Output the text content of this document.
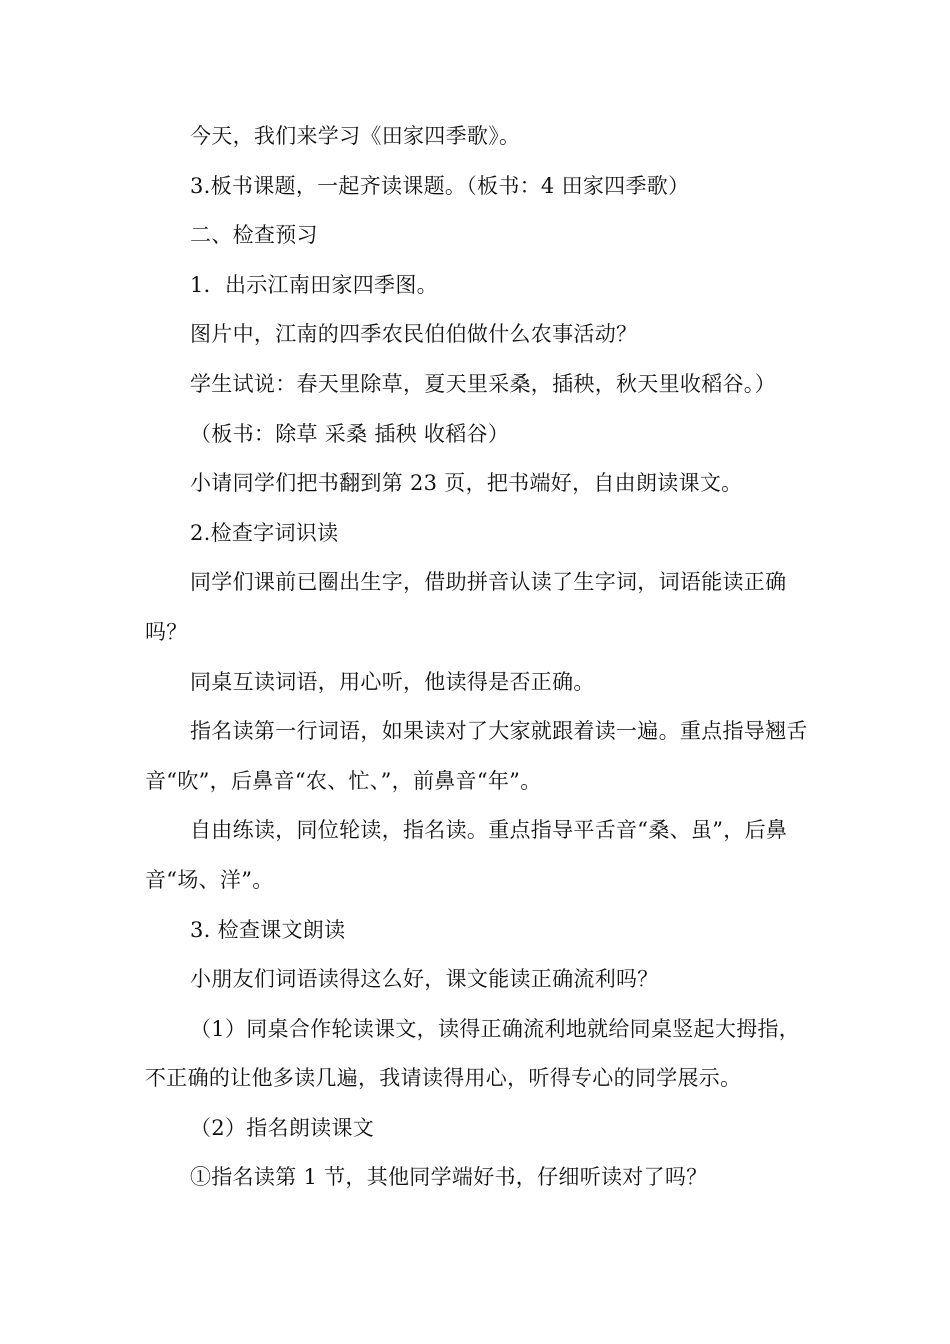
今天，我们来学习《田家四季歌》。

3.板书课题，一起齐读课题。（板书：4 田家四季歌）

二、检查预习

1．出示江南田家四季图。

图片中，江南的四季农民伯伯做什么农事活动？

学生试说：春天里除草，夏天里采桑，插秧，秋天里收稻谷。）

（板书：除草 采桑 插秧 收稻谷）

小请同学们把书翻到第 23 页，把书端好，自由朗读课文。

2.检查字词识读

同学们课前已圈出生字，借助拼音认读了生字词，词语能读正确吗？

同桌互读词语，用心听，他读得是否正确。

指名读第一行词语，如果读对了大家就跟着读一遍。重点指导翘舌音“吹”，后鼻音“农、忙、”，前鼻音“年”。

自由练读，同位轮读，指名读。重点指导平舌音“桑、虽”，后鼻音“场、洋”。

3. 检查课文朗读

小朋友们词语读得这么好，课文能读正确流利吗？

（1）同桌合作轮读课文，读得正确流利地就给同桌竖起大拇指，不正确的让他多读几遍，我请读得用心，听得专心的同学展示。

（2）指名朗读课文

①指名读第 1 节，其他同学端好书，仔细听读对了吗？
